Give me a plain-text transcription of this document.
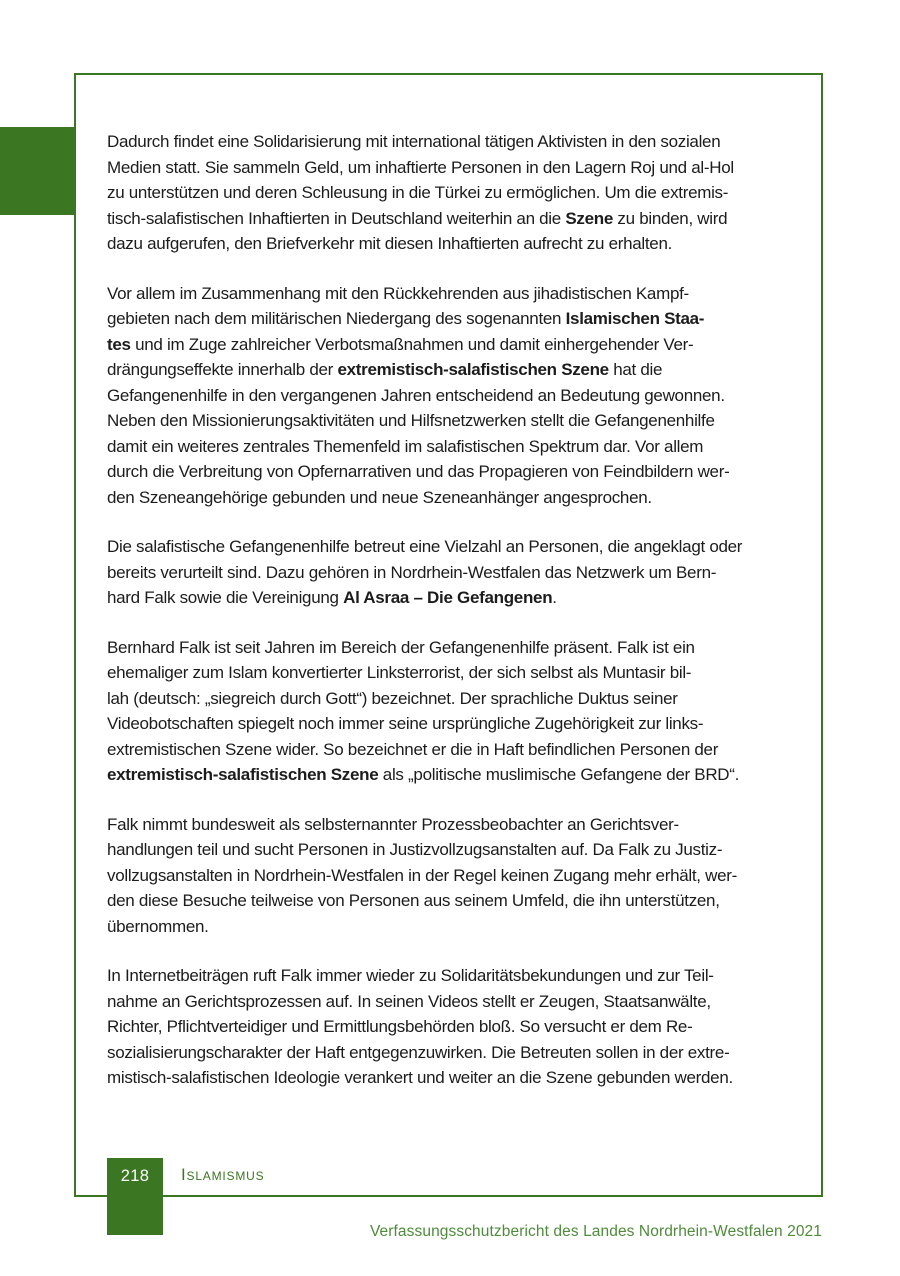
Dadurch findet eine Solidarisierung mit international tätigen Aktivisten in den sozialen
Medien statt. Sie sammeln Geld, um inhaftierte Personen in den Lagern Roj und al-Hol
zu unterstützen und deren Schleusung in die Türkei zu ermöglichen. Um die extremis-
tisch-salafistischen Inhaftierten in Deutschland weiterhin an die Szene zu binden, wird
dazu aufgerufen, den Briefverkehr mit diesen Inhaftierten aufrecht zu erhalten.

Vor allem im Zusammenhang mit den Rückkehrenden aus jihadistischen Kampf-
gebieten nach dem militärischen Niedergang des sogenannten Islamischen Staa-
tes und im Zuge zahlreicher Verbotsmaßnahmen und damit einhergehender Ver-
drängungseffekte innerhalb der extremistisch-salafistischen Szene hat die
Gefangenenhilfe in den vergangenen Jahren entscheidend an Bedeutung gewonnen.
Neben den Missionierungsaktivitäten und Hilfsnetzwerken stellt die Gefangenenhilfe
damit ein weiteres zentrales Themenfeld im salafistischen Spektrum dar. Vor allem
durch die Verbreitung von Opfernarrativen und das Propagieren von Feindbildern wer-
den Szeneangehörige gebunden und neue Szeneanhänger angesprochen.

Die salafistische Gefangenenhilfe betreut eine Vielzahl an Personen, die angeklagt oder
bereits verurteilt sind. Dazu gehören in Nordrhein-Westfalen das Netzwerk um Bern-
hard Falk sowie die Vereinigung Al Asraa – Die Gefangenen.

Bernhard Falk ist seit Jahren im Bereich der Gefangenenhilfe präsent. Falk ist ein
ehemaliger zum Islam konvertierter Linksterrorist, der sich selbst als Muntasir bil-
lah (deutsch: „siegreich durch Gott“) bezeichnet. Der sprachliche Duktus seiner
Videobotschaften spiegelt noch immer seine ursprüngliche Zugehörigkeit zur links-
extremistischen Szene wider. So bezeichnet er die in Haft befindlichen Personen der
extremistisch-salafistischen Szene als „politische muslimische Gefangene der BRD“.

Falk nimmt bundesweit als selbsternannter Prozessbeobachter an Gerichtsver-
handlungen teil und sucht Personen in Justizvollzugsanstalten auf. Da Falk zu Justiz-
vollzugsanstalten in Nordrhein-Westfalen in der Regel keinen Zugang mehr erhält, wer-
den diese Besuche teilweise von Personen aus seinem Umfeld, die ihn unterstützen,
übernommen.

In Internetbeiträgen ruft Falk immer wieder zu Solidaritätsbekundungen und zur Teil-
nahme an Gerichtsprozessen auf. In seinen Videos stellt er Zeugen, Staatsanwälte,
Richter, Pflichtverteidiger und Ermittlungsbehörden bloß. So versucht er dem Re-
sozialisierungscharakter der Haft entgegenzuwirken. Die Betreuten sollen in der extre-
mistisch-salafistischen Ideologie verankert und weiter an die Szene gebunden werden.

218	Islamismus
Verfassungsschutzbericht des Landes Nordrhein-Westfalen 2021
